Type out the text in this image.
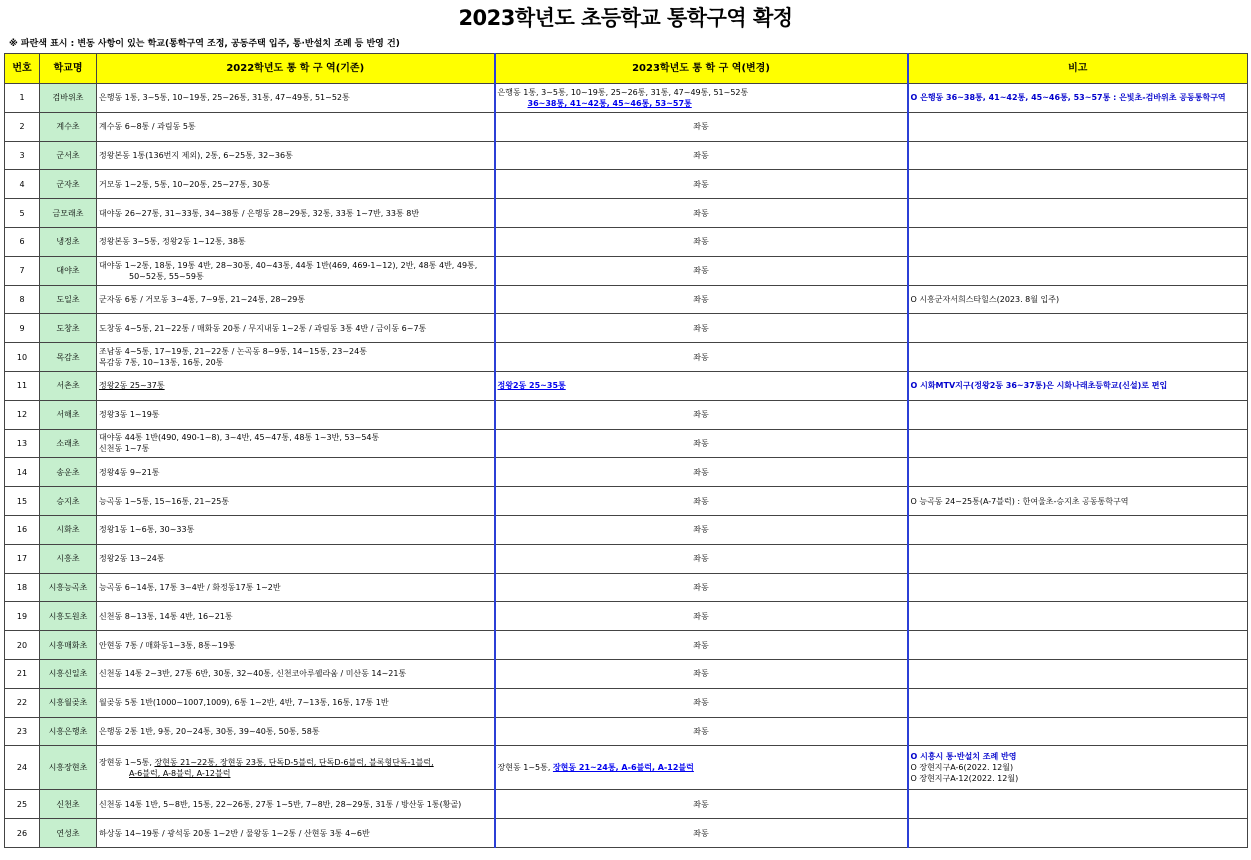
2023학년도 초등학교 통학구역 확정
※ 파란색 표시 : 변동 사항이 있는 학교(통학구역 조정, 공동주택 입주, 통·반설치 조례 등 반영 건)
번호	학교명	2022학년도 통 학 구 역(기존)	2023학년도 통 학 구 역(변경)	비고
1	검바위초	은행동 1통, 3~5통, 10~19통, 25~26통, 31통, 47~49통, 51~52통	은행동 1통, 3~5통, 10~19통, 25~26통, 31통, 47~49통, 51~52통

36~38통, 41~42통, 45~46통, 53~57통	O 은행동 36~38통, 41~42통, 45~46통, 53~57통 : 은빛초-검바위초 공동통학구역
2	계수초	계수동 6~8통 / 과림동 5통	좌동	
3	군서초	정왕본동 1통(136번지 제외), 2통, 6~25통, 32~36통	좌동	
4	군자초	거모동 1~2통, 5통, 10~20통, 25~27통, 30통	좌동	
5	금모래초	대야동 26~27통, 31~33통, 34~38통 / 은행동 28~29통, 32통, 33통 1~7반, 33통 8반	좌동	
6	냉정초	정왕본동 3~5통, 정왕2동 1~12통, 38통	좌동	
7	대야초	대야동 1~2통, 18통, 19통 4반, 28~30통, 40~43통, 44통 1반(469, 469-1~12), 2반, 48통 4반, 49통,

50~52통, 55~59통	좌동	
8	도일초	군자동 6통 / 거모동 3~4통, 7~9통, 21~24통, 28~29통	좌동	O 시흥군자서희스타힐스(2023. 8월 입주)
9	도창초	도창동 4~5통, 21~22통 / 매화동 20통 / 무지내동 1~2통 / 과림동 3통 4반 / 금이동 6~7통	좌동	
10	목감초	조남동 4~5통, 17~19통, 21~22통 / 논곡동 8~9통, 14~15통, 23~24통
목감동 7통, 10~13통, 16통, 20통	좌동	
11	서촌초	정왕2동 25~37통	정왕2동 25~35통	O 시화MTV지구(정왕2동 36~37통)은 시화나래초등학교(신설)로 편입
12	서해초	정왕3동 1~19통	좌동	
13	소래초	대야동 44통 1반(490, 490-1~8), 3~4반, 45~47통, 48통 1~3반, 53~54통
신천동 1~7통	좌동	
14	송운초	정왕4동 9~21통	좌동	
15	승지초	능곡동 1~5통, 15~16통, 21~25통	좌동	O 능곡동 24~25통(A-7블럭) : 한여울초-승지초 공동통학구역
16	시화초	정왕1동 1~6통, 30~33통	좌동	
17	시흥초	정왕2동 13~24통	좌동	
18	시흥능곡초	능곡동 6~14통, 17통 3~4반 / 화정동17통 1~2반	좌동	
19	시흥도원초	신천동 8~13통, 14통 4반, 16~21통	좌동	
20	시흥매화초	안현동 7통 / 매화동1~3통, 8통~19통	좌동	
21	시흥신일초	신천동 14통 2~3반, 27통 6반, 30통, 32~40통, 신천코아루웰라움 / 미산동 14~21통	좌동	
22	시흥월곶초	월곶동 5통 1반(1000~1007,1009), 6통 1~2반, 4반, 7~13통, 16통, 17통 1반	좌동	
23	시흥은행초	은행동 2통 1반, 9통, 20~24통, 30통, 39~40통, 50통, 58통	좌동	
24	시흥장현초	장현동 1~5통, 장현동 21~22통, 장현동 23통, 단독D-5블럭, 단독D-6블럭, 블록형단독-1블럭,

A-6블럭, A-8블럭, A-12블럭	장현동 1~5통, 장현동 21~24통, A-6블럭, A-12블럭	O 시흥시 통·반설치 조례 반영
O 장현지구A-6(2022. 12월)
O 장현지구A-12(2022. 12월)
25	신천초	신천동 14통 1반, 5~8반, 15통, 22~26통, 27통 1~5반, 7~8반, 28~29통, 31통 / 방산동 1통(황골)	좌동	
26	연성초	하상동 14~19통 / 광석동 20통 1~2반 / 물왕동 1~2통 / 산현동 3통 4~6반	좌동	
